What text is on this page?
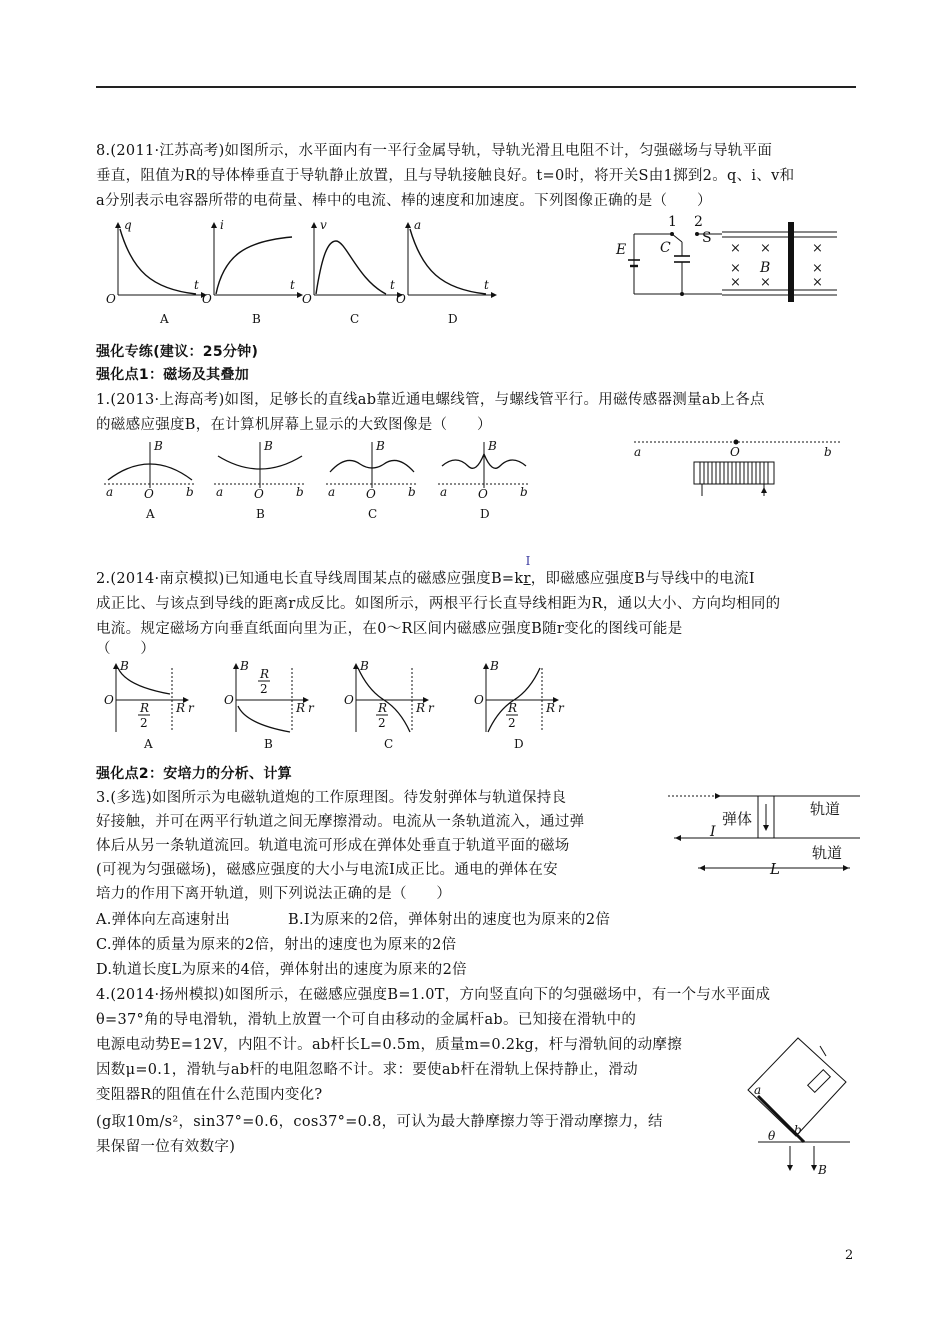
8.(2011·江苏高考)如图所示，水平面内有一平行金属导轨，导轨光滑且电阻不计，匀强磁场与导轨平面
垂直，阻值为R的导体棒垂直于导轨静止放置，且与导轨接触良好。t=0时，将开关S由1掷到2。q、i、v和
a分别表示电容器所带的电荷量、棒中的电流、棒的速度和加速度。下列图像正确的是（　　）
q
t
O
A
i
t
O
B
v
t
O
C
a
t
O
D
E
1 2
S
C	× ×	×
×	×
× ×	×
B
强化专练(建议：25分钟)
强化点1：磁场及其叠加
1.(2013·上海高考)如图，足够长的直线ab靠近通电螺线管，与螺线管平行。用磁传感器测量ab上各点
的磁感应强度B，在计算机屏幕上显示的大致图像是（　　）
B
a	O	b
A
B
a	O	b
B
B
a	O	b
C
B
a	O	b
D
a	O	b
2.(2014·南京模拟)已知通电长直导线周围某点的磁感应强度B=kr
I
，即磁感应强度B与导线中的电流I
成正比、与该点到导线的距离r成反比。如图所示，两根平行长直导线相距为R，通以大小、方向均相同的
电流。规定磁场方向垂直纸面向里为正，在0～R区间内磁感应强度B随r变化的图线可能是
（　　）
B
O
R r
R
2
A
B
O
R r
R
2
B
B
O
R r
R
2
C
B
O
R r
R
2
D
强化点2：安培力的分析、计算
3.(多选)如图所示为电磁轨道炮的工作原理图。待发射弹体与轨道保持良
好接触，并可在两平行轨道之间无摩擦滑动。电流从一条轨道流入，通过弹
体后从另一条轨道流回。轨道电流可形成在弹体处垂直于轨道平面的磁场
(可视为匀强磁场)，磁感应强度的大小与电流I成正比。通电的弹体在安
培力的作用下离开轨道，则下列说法正确的是（　　）
A.弹体向左高速射出	B.I为原来的2倍，弹体射出的速度也为原来的2倍
C.弹体的质量为原来的2倍，射出的速度也为原来的2倍
D.轨道长度L为原来的4倍，弹体射出的速度为原来的2倍
弹体
轨道
轨道
I
L
4.(2014·扬州模拟)如图所示，在磁感应强度B=1.0T，方向竖直向下的匀强磁场中，有一个与水平面成
θ=37°角的导电滑轨，滑轨上放置一个可自由移动的金属杆ab。已知接在滑轨中的
电源电动势E=12V，内阻不计。ab杆长L=0.5m，质量m=0.2kg，杆与滑轨间的动摩擦
因数μ=0.1，滑轨与ab杆的电阻忽略不计。求：要使ab杆在滑轨上保持静止，滑动
变阻器R的阻值在什么范围内变化?
(g取10m/s²，sin37°=0.6，cos37°=0.8，可认为最大静摩擦力等于滑动摩擦力，结
果保留一位有效数字)
a
b
θ
B
2
